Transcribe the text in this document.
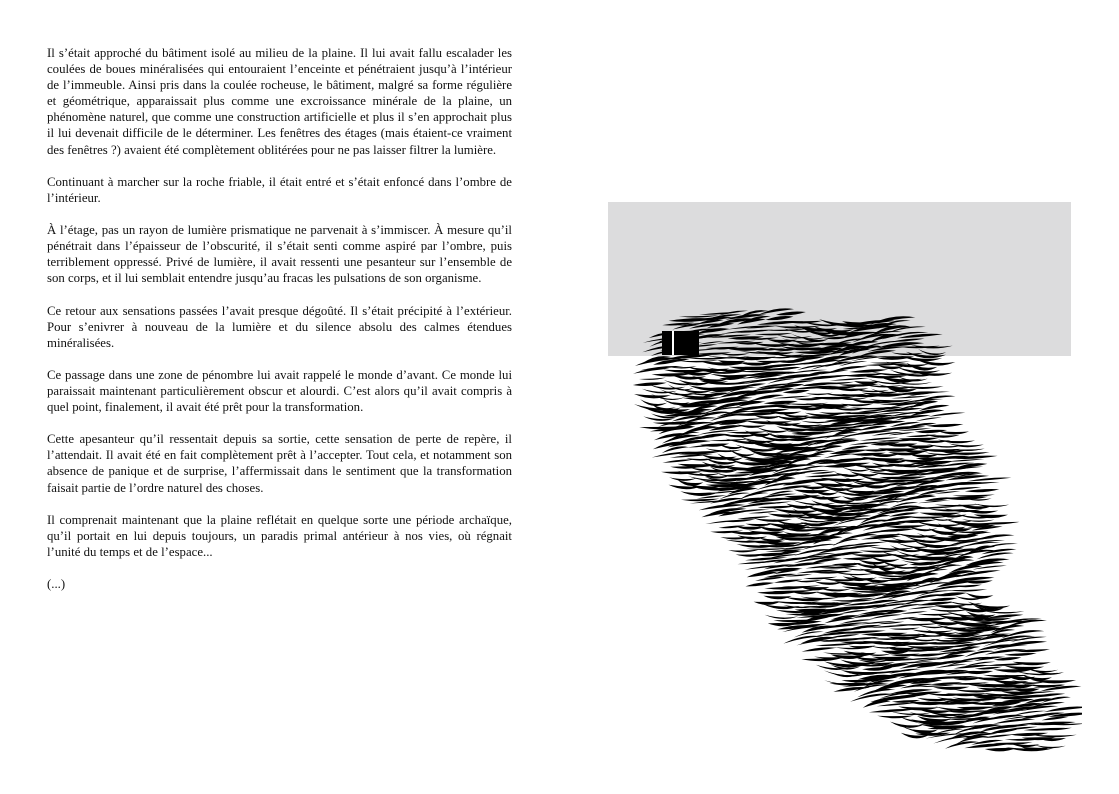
Il s’était approché du bâtiment isolé au milieu de la plaine. Il lui avait fallu escalader les coulées de boues minéralisées qui entouraient l’enceinte et pénétraient jusqu’à l’intérieur de l’immeuble. Ainsi pris dans la coulée rocheuse, le bâtiment, malgré sa forme régulière et géométrique, apparaissait plus comme une excroissance minérale de la plaine, un phénomène naturel, que comme une construction artificielle et plus il s’en approchait plus il lui devenait difficile de le déterminer. Les fenêtres des étages (mais étaient-ce vraiment des fenêtres ?) avaient été complètement oblitérées pour ne pas laisser filtrer la lumière.

Continuant à marcher sur la roche friable, il était entré et s’était enfoncé dans l’ombre de l’intérieur.

À l’étage, pas un rayon de lumière prismatique ne parvenait à s’immiscer. À mesure qu’il pénétrait dans l’épaisseur de l’obscurité, il s’était senti comme aspiré par l’ombre, puis terriblement oppressé. Privé de lumière, il avait ressenti une pesanteur sur l’ensemble de son corps, et il lui semblait entendre jusqu’au fracas les pulsations de son organisme.

Ce retour aux sensations passées l’avait presque dégoûté. Il s’était précipité à l’extérieur. Pour s’enivrer à nouveau de la lumière et du silence absolu des calmes étendues minéralisées.

Ce passage dans une zone de pénombre lui avait rappelé le monde d’avant. Ce monde lui paraissait maintenant particulièrement obscur et alourdi. C’est alors qu’il avait compris à quel point, finalement, il avait été prêt pour la transformation.

Cette apesanteur qu’il ressentait depuis sa sortie, cette sensation de perte de repère, il l’attendait. Il avait été en fait complètement prêt à l’accepter. Tout cela, et notamment son absence de panique et de surprise, l’affermissait dans le sentiment que la transformation faisait partie de l’ordre naturel des choses.

Il comprenait maintenant que la plaine reflétait en quelque sorte une période archaïque, qu’il portait en lui depuis toujours, un paradis primal antérieur à nos vies, où régnait l’unité du temps et de l’espace...

(...)
